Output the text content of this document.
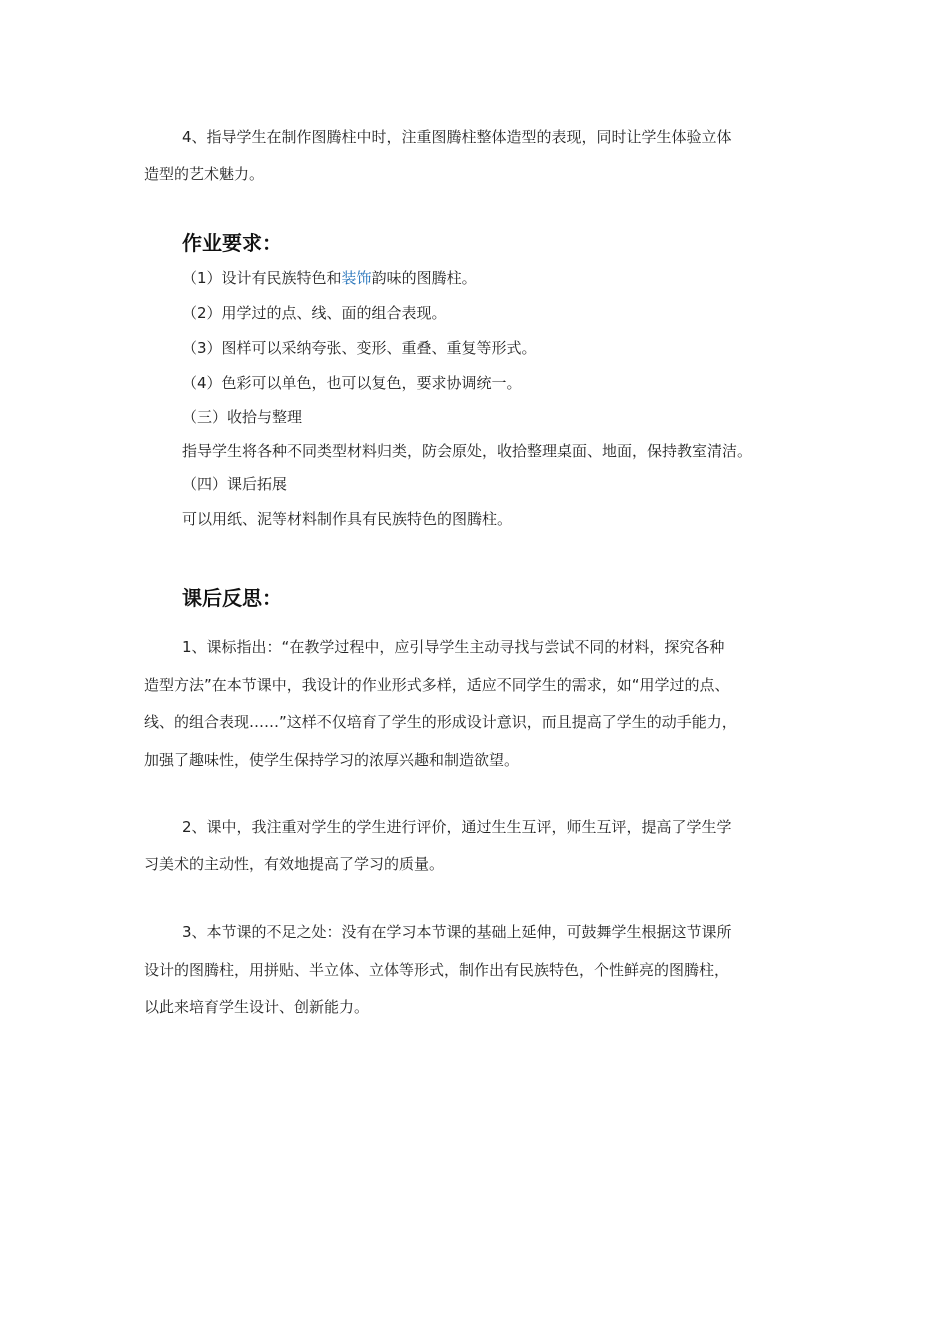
4、指导学生在制作图腾柱中时，注重图腾柱整体造型的表现，同时让学生体验立体
造型的艺术魅力。
作业要求：
（1）设计有民族特色和装饰韵味的图腾柱。
（2）用学过的点、线、面的组合表现。
（3）图样可以采纳夸张、变形、重叠、重复等形式。
（4）色彩可以单色，也可以复色，要求协调统一。
（三）收拾与整理
指导学生将各种不同类型材料归类，防会原处，收拾整理桌面、地面，保持教室清洁。
（四）课后拓展
可以用纸、泥等材料制作具有民族特色的图腾柱。
课后反思：
1、课标指出：“在教学过程中，应引导学生主动寻找与尝试不同的材料，探究各种
造型方法”在本节课中，我设计的作业形式多样，适应不同学生的需求，如“用学过的点、
线、的组合表现……”这样不仅培育了学生的形成设计意识，而且提高了学生的动手能力，
加强了趣味性，使学生保持学习的浓厚兴趣和制造欲望。
2、课中，我注重对学生的学生进行评价，通过生生互评，师生互评，提高了学生学
习美术的主动性，有效地提高了学习的质量。
3、本节课的不足之处：没有在学习本节课的基础上延伸，可鼓舞学生根据这节课所
设计的图腾柱，用拼贴、半立体、立体等形式，制作出有民族特色，个性鲜亮的图腾柱，
以此来培育学生设计、创新能力。
